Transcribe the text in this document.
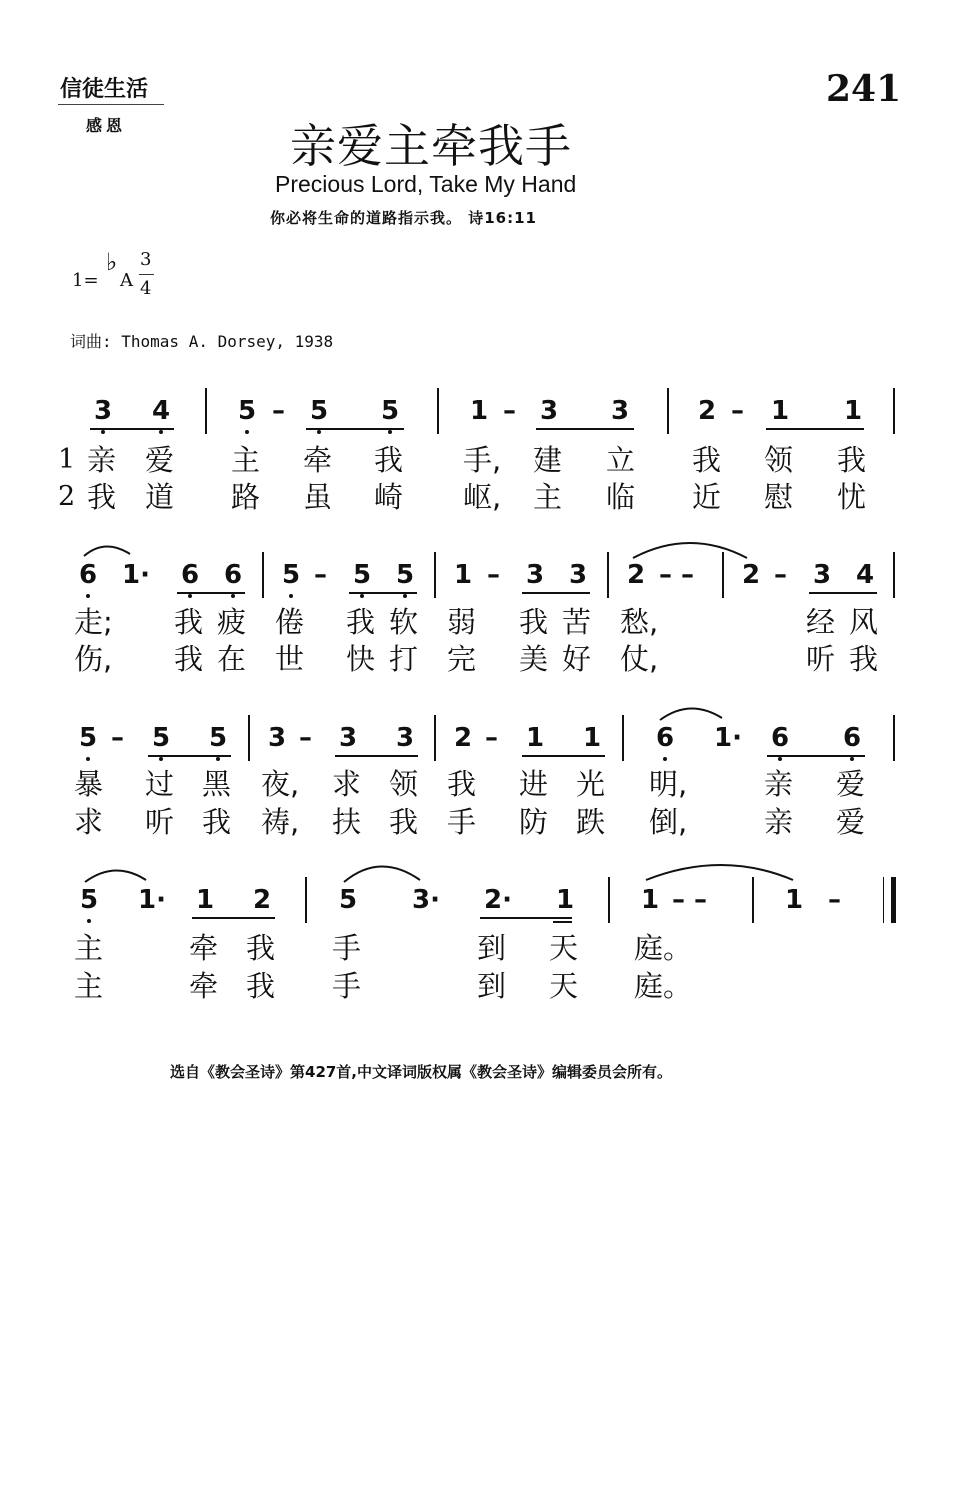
信徒生活
感恩
241
亲爱主牵我手
Precious Lord, Take My Hand
你必将生命的道路指示我。 诗16:11
1=
♭
A
3
4
词曲: Thomas A. Dorsey, 1938
3 4	5 – 5 5	1 – 3 3	2 – 1 1
1 亲 爱 主 牵 我 手, 建 立 我 领 我
2 我 道 路 虽 崎 岖, 主 临 近 慰 忧
6 1· 6 6 5 – 5 5 1 – 3 3 2 – – 2 – 3 4
走; 我 疲 倦 我 软 弱 我 苦 愁,	经 风
伤, 我 在 世 快 打 完 美 好 仗,	听 我
5 – 5 5 3 – 3 3 2 – 1 1 6 1· 6 6
暴 过 黑 夜, 求 领 我 进 光 明,	亲 爱
求 听 我 祷, 扶 我 手 防 跌 倒,	亲 爱
5 1· 1 2	5 3· 2· 1	1 – –	1 –
主	牵 我 手	到 天 庭。
主	牵 我 手	到 天 庭。
选自《教会圣诗》第427首,中文译词版权属《教会圣诗》编辑委员会所有。
